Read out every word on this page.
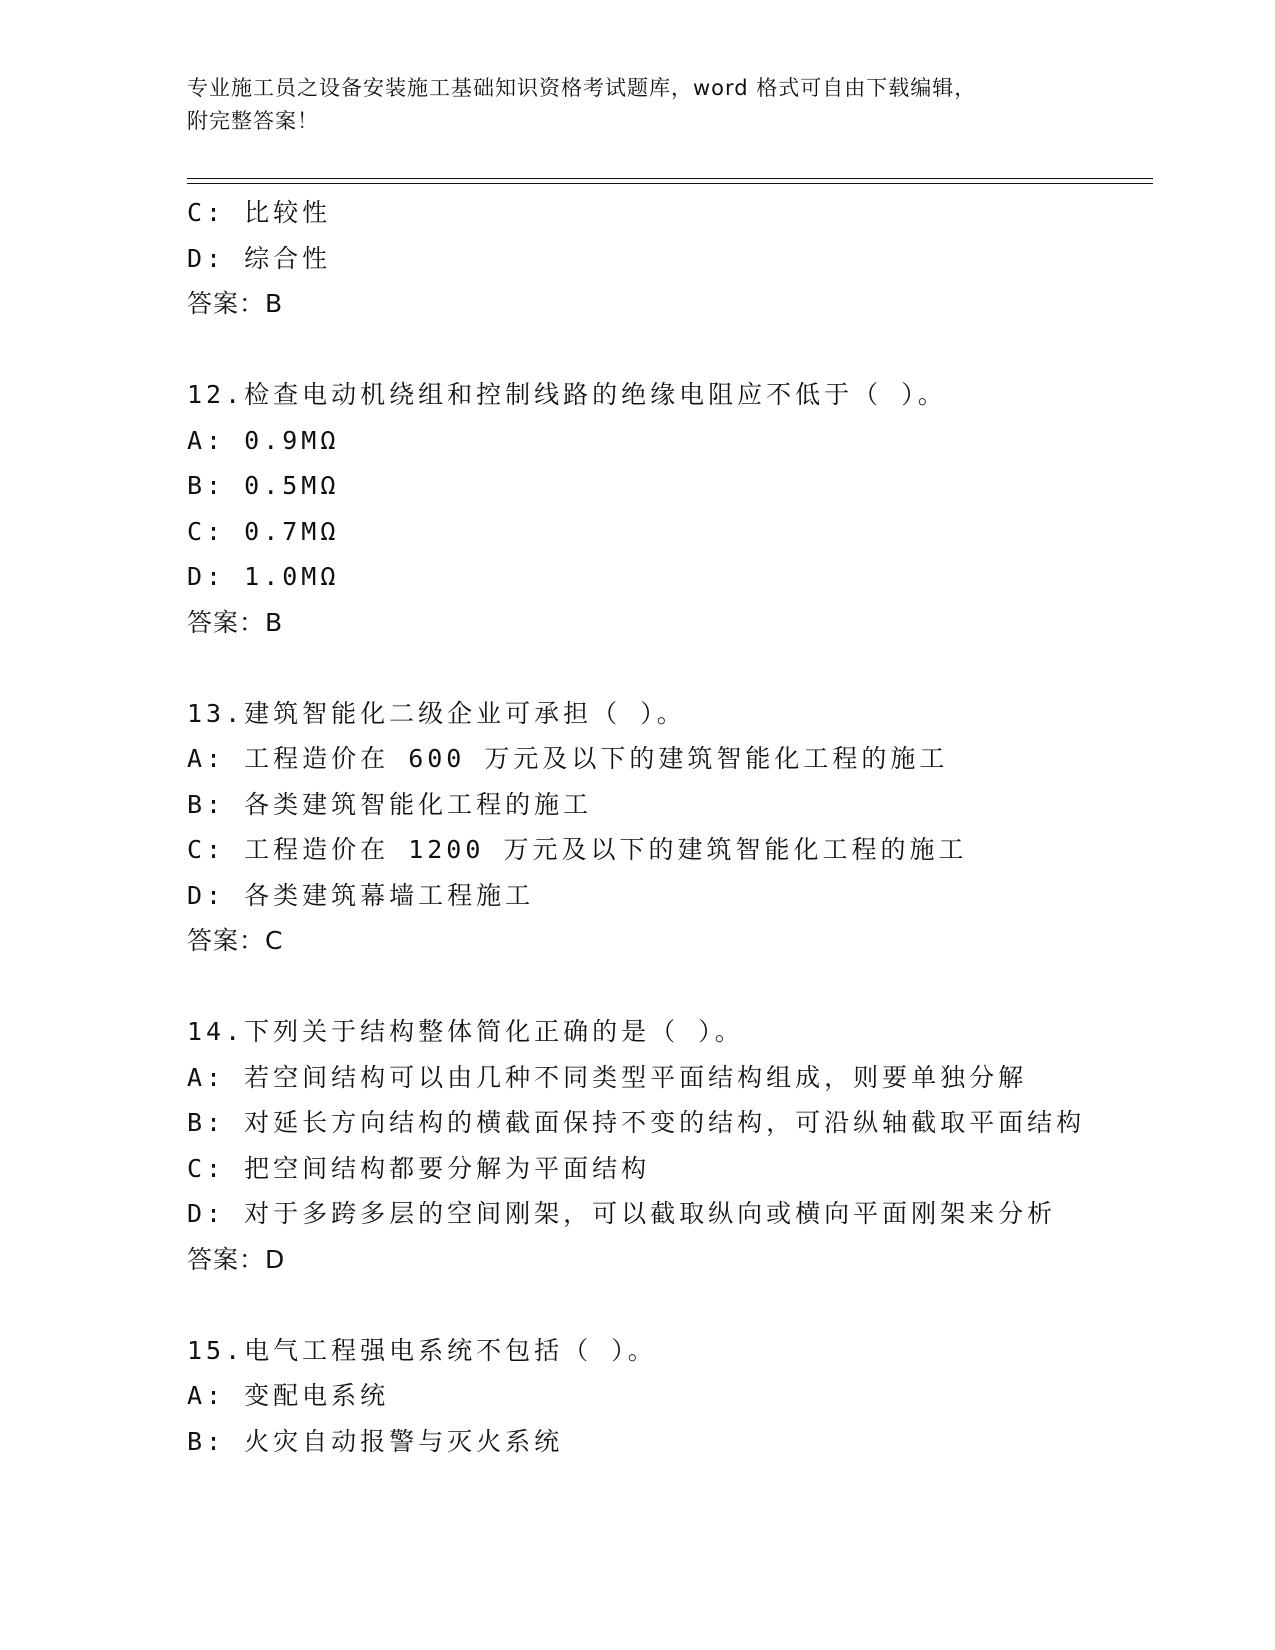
专业施工员之设备安装施工基础知识资格考试题库，word 格式可自由下载编辑，
附完整答案！
C: 比较性
D: 综合性
答案：B
12.检查电动机绕组和控制线路的绝缘电阻应不低于（ ）。
A: 0.9MΩ
B: 0.5MΩ
C: 0.7MΩ
D: 1.0MΩ
答案：B
13.建筑智能化二级企业可承担（ ）。
A: 工程造价在 600 万元及以下的建筑智能化工程的施工
B: 各类建筑智能化工程的施工
C: 工程造价在 1200 万元及以下的建筑智能化工程的施工
D: 各类建筑幕墙工程施工
答案：C
14.下列关于结构整体简化正确的是（ ）。
A: 若空间结构可以由几种不同类型平面结构组成，则要单独分解
B: 对延长方向结构的横截面保持不变的结构，可沿纵轴截取平面结构
C: 把空间结构都要分解为平面结构
D: 对于多跨多层的空间刚架，可以截取纵向或横向平面刚架来分析
答案：D
15.电气工程强电系统不包括（ ）。
A: 变配电系统
B: 火灾自动报警与灭火系统
